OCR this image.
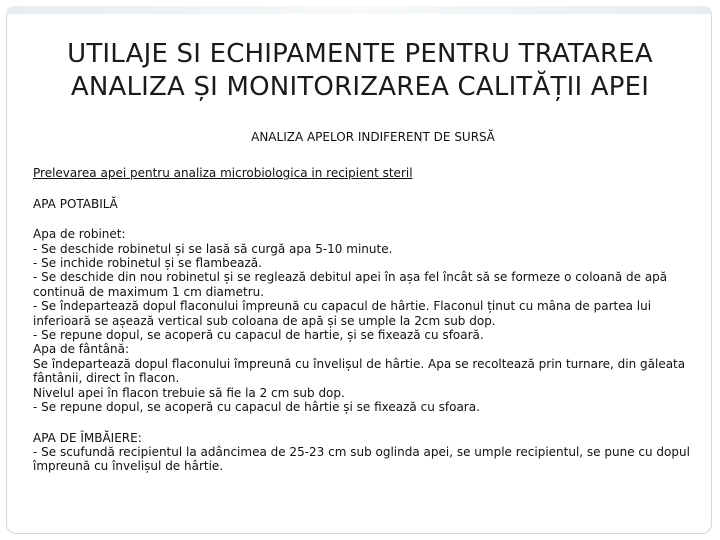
UTILAJE SI ECHIPAMENTE PENTRU TRATAREA
ANALIZA ȘI MONITORIZAREA CALITĂȚII APEI
ANALIZA APELOR INDIFERENT DE SURSĂ
Prelevarea apei pentru analiza microbiologica in recipient steril
APA POTABILĂ
Apa de robinet:
- Se deschide robinetul și se lasă să curgă apa 5-10 minute.
- Se inchide robinetul și se flambează.
- Se deschide din nou robinetul și se reglează debitul apei în așa fel încât să se formeze o coloană de apă continuă de maximum 1 cm diametru.
- Se îndepartează dopul flaconului împreună cu capacul de hârtie. Flaconul ținut cu mâna de partea lui inferioară se așează vertical sub coloana de apă și se umple la 2cm sub dop.
- Se repune dopul, se acoperă cu capacul de hartie, și se fixează cu sfoară.
Apa de fântână:
Se îndepartează dopul flaconului împreună cu învelișul de hârtie. Apa se recoltează prin turnare, din găleata fântânii, direct în flacon.
Nivelul apei în flacon trebuie să fie la 2 cm sub dop.
- Se repune dopul, se acoperă cu capacul de hârtie și se fixează cu sfoara.
APA DE ÎMBĂIERE:
- Se scufundă recipientul la adâncimea de 25-23 cm sub oglinda apei, se umple recipientul, se pune cu dopul împreună cu învelișul de hârtie.
